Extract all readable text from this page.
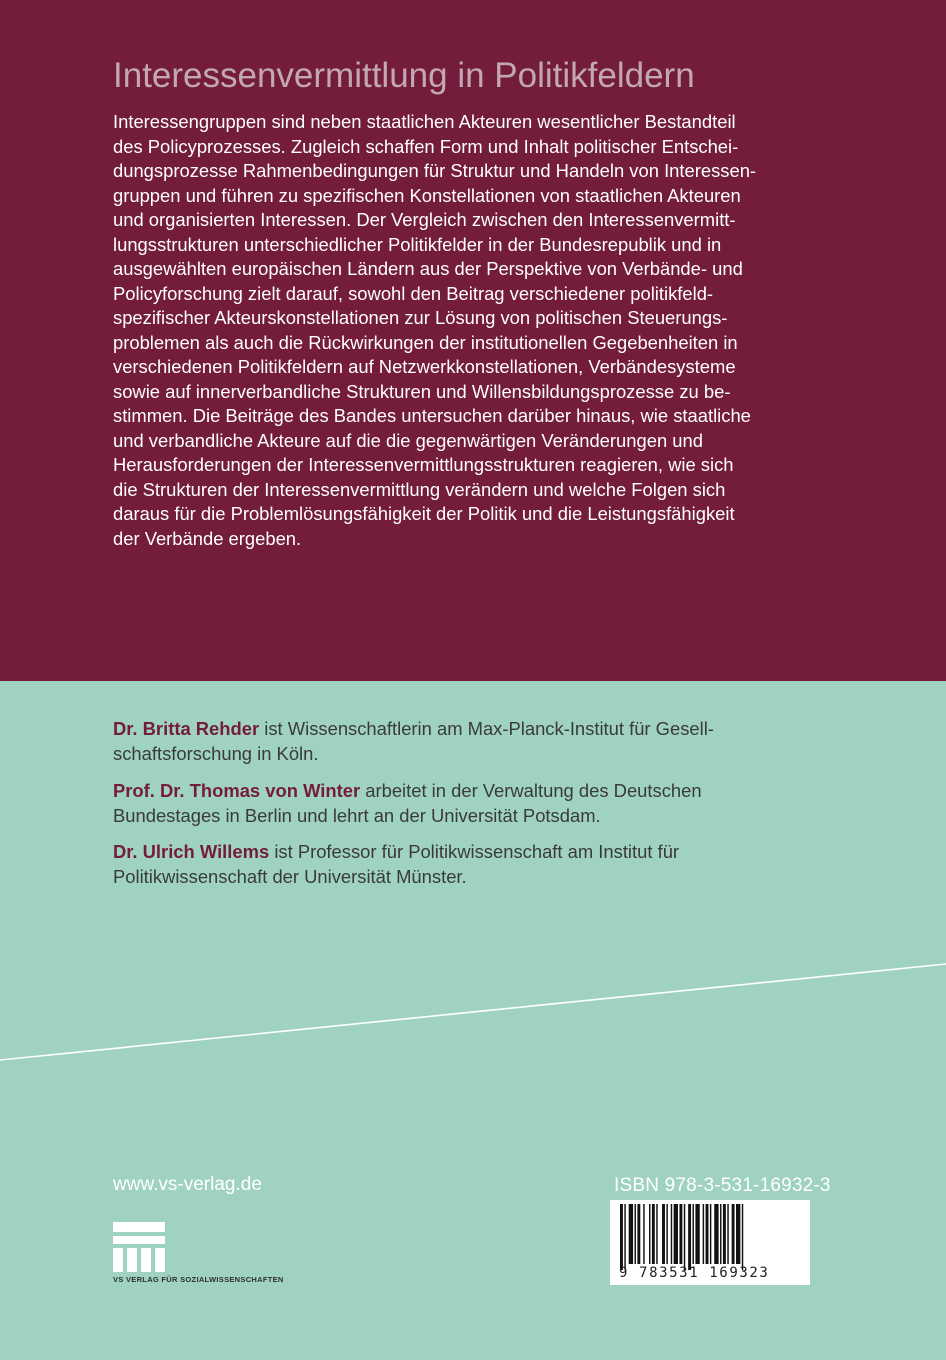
Interessenvermittlung in Politikfeldern

Interessengruppen sind neben staatlichen Akteuren wesentlicher Bestandteil
des Policyprozesses. Zugleich schaffen Form und Inhalt politischer Entschei-
dungsprozesse Rahmenbedingungen für Struktur und Handeln von Interessen-
gruppen und führen zu spezifischen Konstellationen von staatlichen Akteuren
und organisierten Interessen. Der Vergleich zwischen den Interessenvermitt-
lungsstrukturen unterschiedlicher Politikfelder in der Bundesrepublik und in
ausgewählten europäischen Ländern aus der Perspektive von Verbände- und
Policyforschung zielt darauf, sowohl den Beitrag verschiedener politikfeld-
spezifischer Akteurskonstellationen zur Lösung von politischen Steuerungs-
problemen als auch die Rückwirkungen der institutionellen Gegebenheiten in
verschiedenen Politikfeldern auf Netzwerkkonstellationen, Verbändesysteme
sowie auf innerverbandliche Strukturen und Willensbildungsprozesse zu be-
stimmen. Die Beiträge des Bandes untersuchen darüber hinaus, wie staatliche
und verbandliche Akteure auf die die gegenwärtigen Veränderungen und
Herausforderungen der Interessenvermittlungsstrukturen reagieren, wie sich
die Strukturen der Interessenvermittlung verändern und welche Folgen sich
daraus für die Problemlösungsfähigkeit der Politik und die Leistungsfähigkeit
der Verbände ergeben.

Dr. Britta Rehder ist Wissenschaftlerin am Max-Planck-Institut für Gesell-
schaftsforschung in Köln.

Prof. Dr. Thomas von Winter arbeitet in der Verwaltung des Deutschen
Bundestages in Berlin und lehrt an der Universität Potsdam.

Dr. Ulrich Willems ist Professor für Politikwissenschaft am Institut für
Politikwissenschaft der Universität Münster.

www.vs-verlag.de

VS VERLAG FÜR SOZIALWISSENSCHAFTEN

ISBN 978-3-531-16932-3

9 783531 169323
